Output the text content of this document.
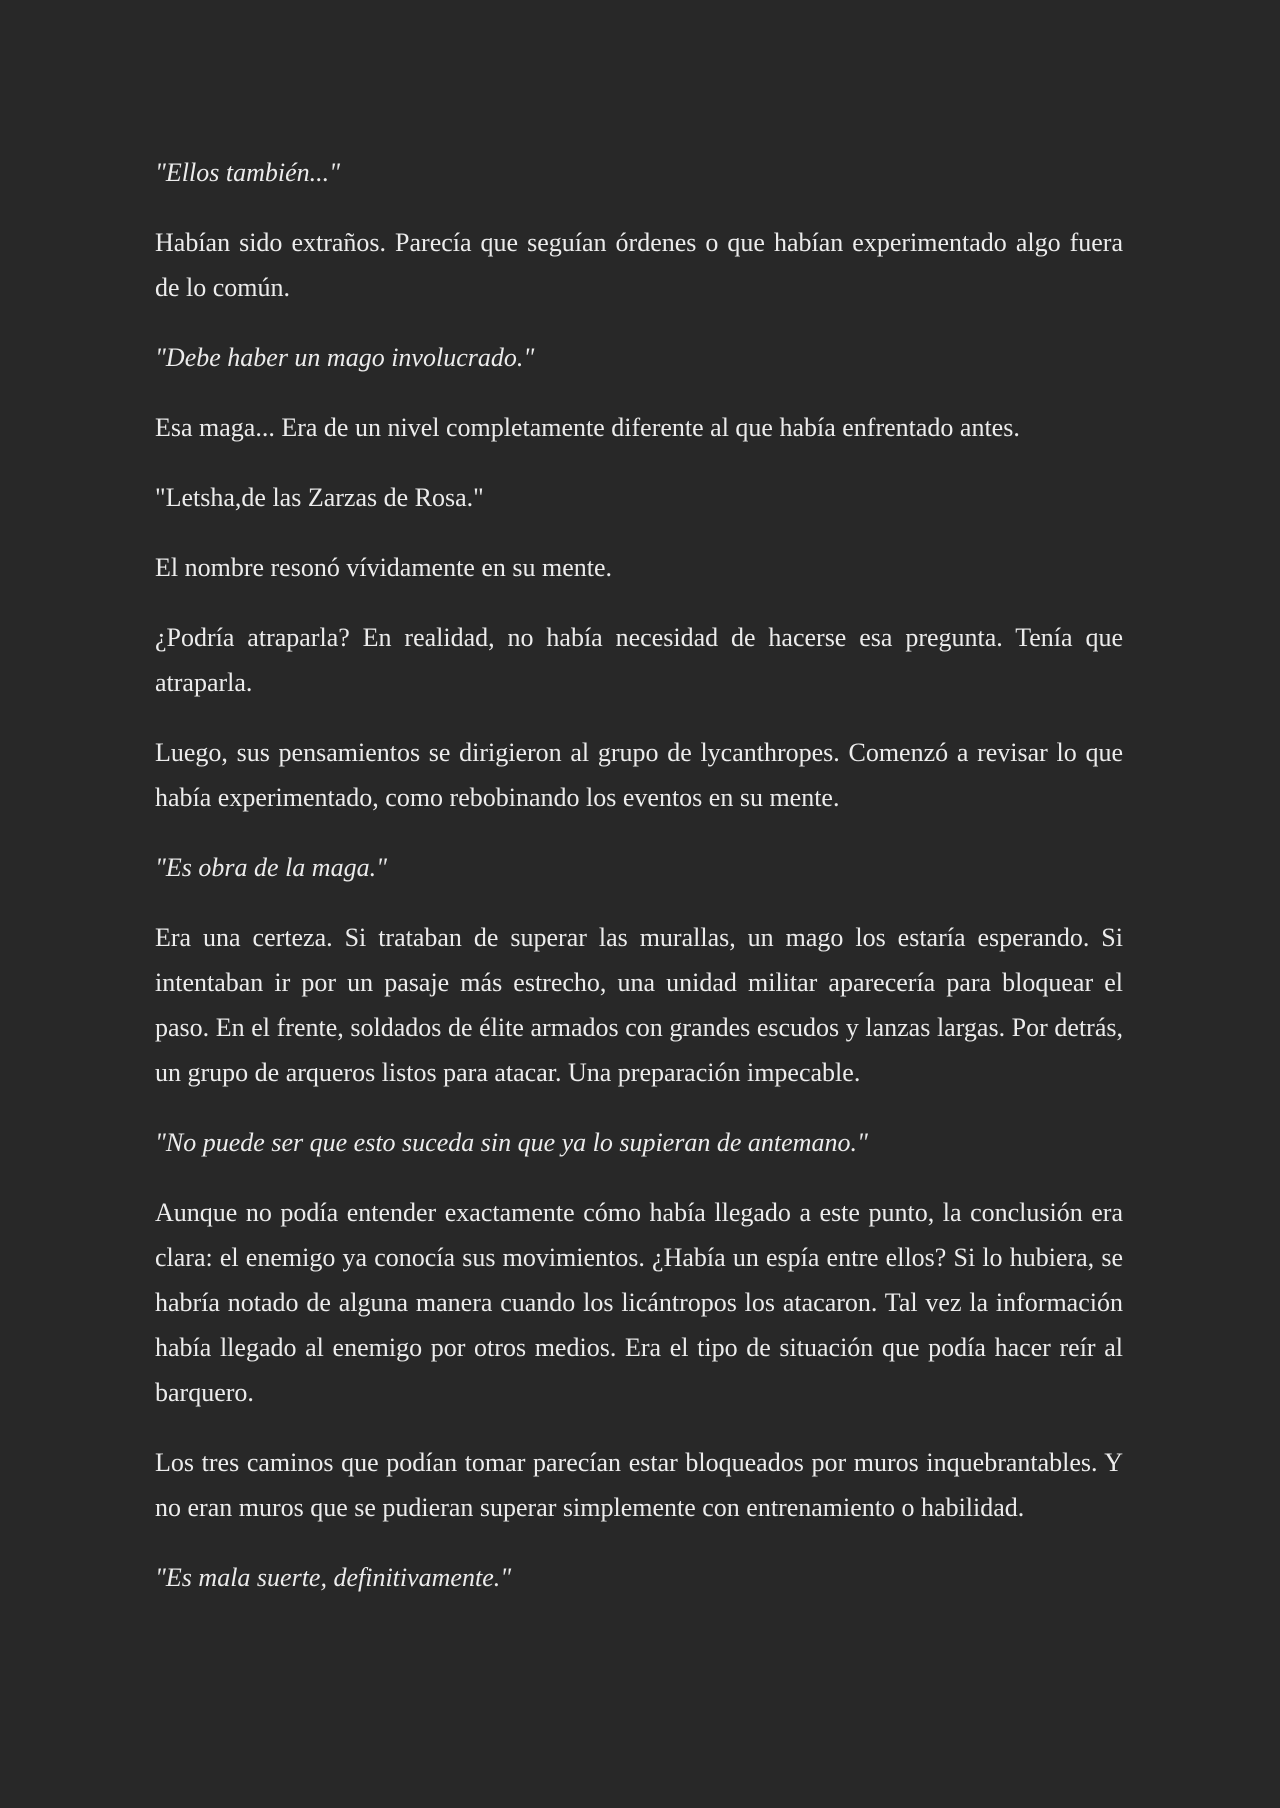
"Ellos también..."

Habían sido extraños. Parecía que seguían órdenes o que habían experimentado algo fuera de lo común.

"Debe haber un mago involucrado."

Esa maga... Era de un nivel completamente diferente al que había enfrentado antes.

"Letsha,de las Zarzas de Rosa."

El nombre resonó vívidamente en su mente.

¿Podría atraparla? En realidad, no había necesidad de hacerse esa pregunta. Tenía que atraparla.

Luego, sus pensamientos se dirigieron al grupo de lycanthropes. Comenzó a revisar lo que había experimentado, como rebobinando los eventos en su mente.

"Es obra de la maga."

Era una certeza. Si trataban de superar las murallas, un mago los estaría esperando. Si intentaban ir por un pasaje más estrecho, una unidad militar aparecería para bloquear el paso. En el frente, soldados de élite armados con grandes escudos y lanzas largas. Por detrás, un grupo de arqueros listos para atacar. Una preparación impecable.

"No puede ser que esto suceda sin que ya lo supieran de antemano."

Aunque no podía entender exactamente cómo había llegado a este punto, la conclusión era clara: el enemigo ya conocía sus movimientos. ¿Había un espía entre ellos? Si lo hubiera, se habría notado de alguna manera cuando los licántropos los atacaron. Tal vez la información había llegado al enemigo por otros medios. Era el tipo de situación que podía hacer reír al barquero.

Los tres caminos que podían tomar parecían estar bloqueados por muros inquebrantables. Y no eran muros que se pudieran superar simplemente con entrenamiento o habilidad.

"Es mala suerte, definitivamente."
